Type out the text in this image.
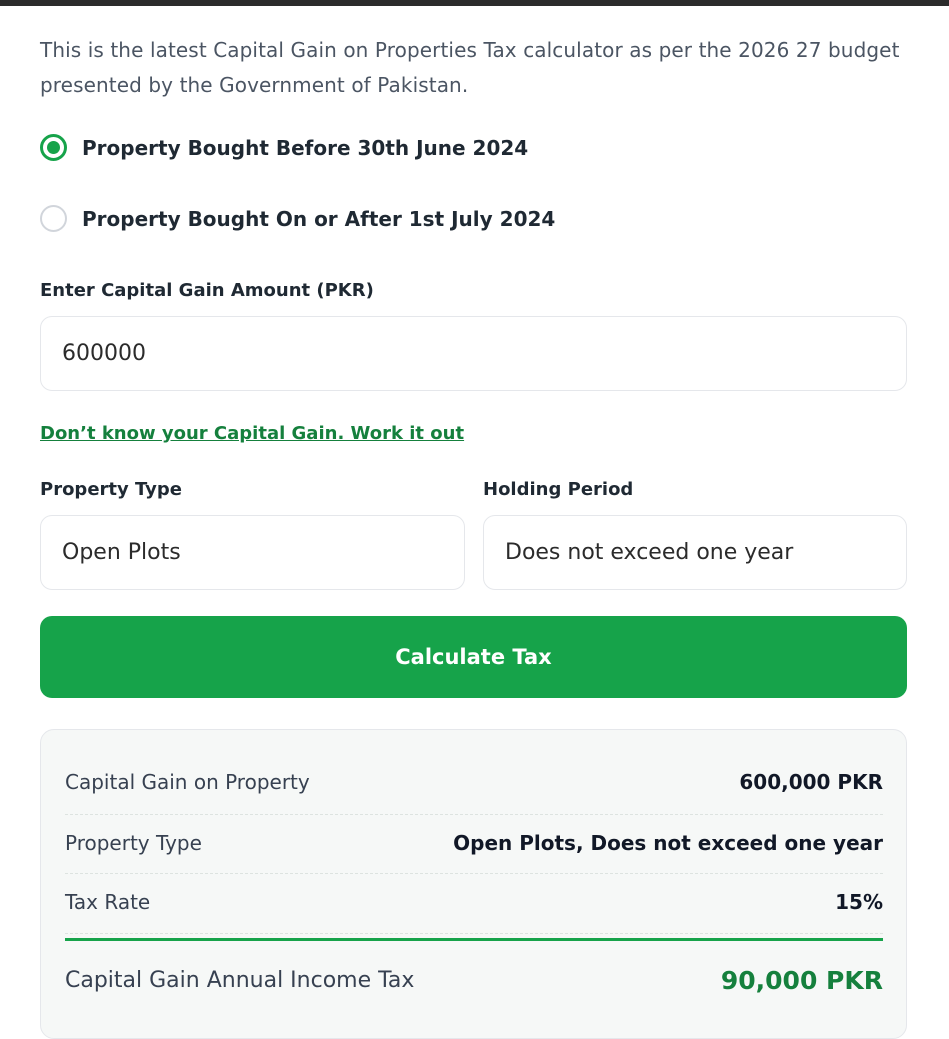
This is the latest Capital Gain on Properties Tax calculator as per the 2026 27 budget presented by the Government of Pakistan.
Property Bought Before 30th June 2024
Property Bought On or After 1st July 2024
Enter Capital Gain Amount (PKR)
600000
Don’t know your Capital Gain. Work it out
Property Type
Open Plots
Holding Period
Does not exceed one year
Calculate Tax
Capital Gain on Property	600,000 PKR
Property Type	Open Plots, Does not exceed one year
Tax Rate	15%
Capital Gain Annual Income Tax	90,000 PKR
